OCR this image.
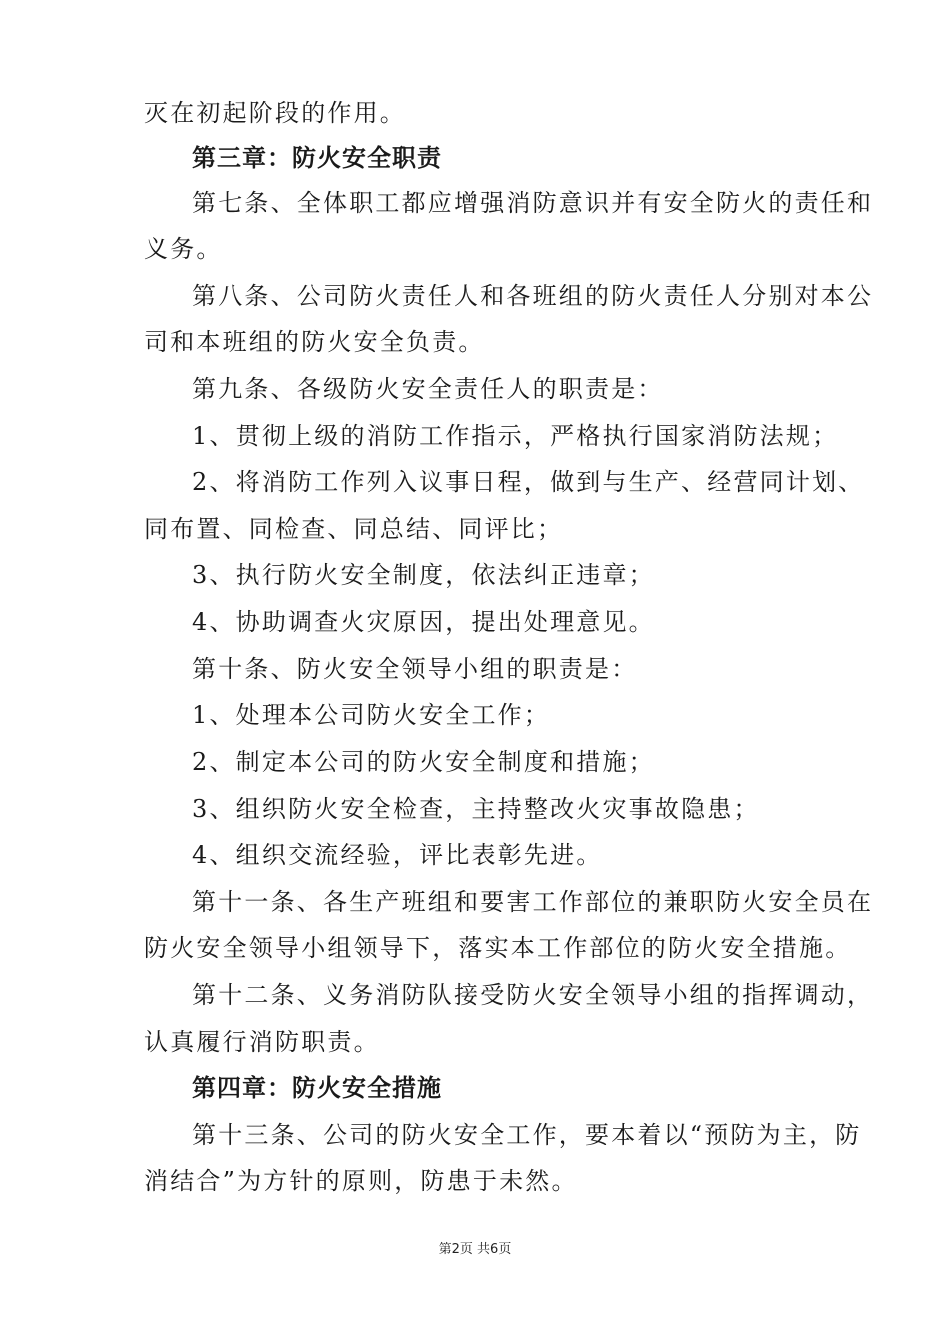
灭在初起阶段的作用。
第三章：防火安全职责
第七条、全体职工都应增强消防意识并有安全防火的责任和
义务。
第八条、公司防火责任人和各班组的防火责任人分别对本公
司和本班组的防火安全负责。
第九条、各级防火安全责任人的职责是：
1、贯彻上级的消防工作指示，严格执行国家消防法规；
2、将消防工作列入议事日程，做到与生产、经营同计划、
同布置、同检查、同总结、同评比；
3、执行防火安全制度，依法纠正违章；
4、协助调查火灾原因，提出处理意见。
第十条、防火安全领导小组的职责是：
1、处理本公司防火安全工作；
2、制定本公司的防火安全制度和措施；
3、组织防火安全检查，主持整改火灾事故隐患；
4、组织交流经验，评比表彰先进。
第十一条、各生产班组和要害工作部位的兼职防火安全员在
防火安全领导小组领导下，落实本工作部位的防火安全措施。
第十二条、义务消防队接受防火安全领导小组的指挥调动，
认真履行消防职责。
第四章：防火安全措施
第十三条、公司的防火安全工作，要本着以“预防为主，防
消结合”为方针的原则，防患于未然。
第2页 共6页
